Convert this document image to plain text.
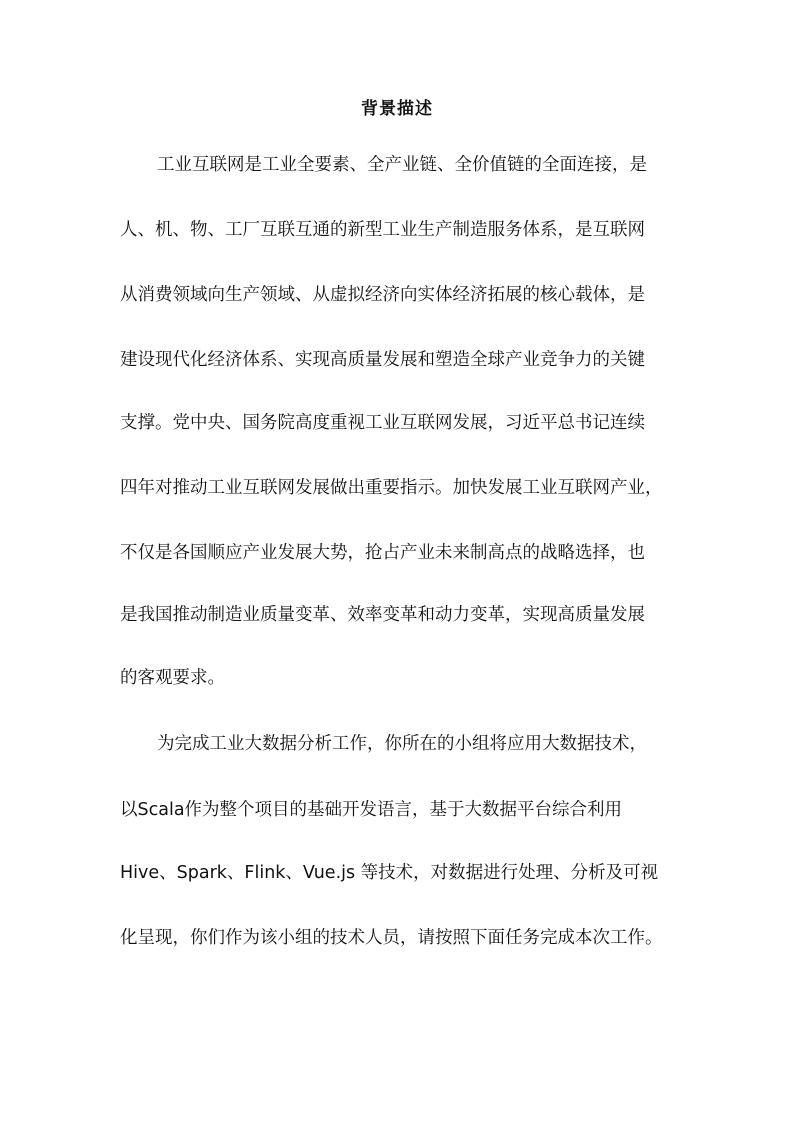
背景描述
工业互联网是工业全要素、全产业链、全价值链的全面连接，是
人、机、物、工厂互联互通的新型工业生产制造服务体系，是互联网
从消费领域向生产领域、从虚拟经济向实体经济拓展的核心载体，是
建设现代化经济体系、实现高质量发展和塑造全球产业竞争力的关键
支撑。党中央、国务院高度重视工业互联网发展，习近平总书记连续
四年对推动工业互联网发展做出重要指示。加快发展工业互联网产业，
不仅是各国顺应产业发展大势，抢占产业未来制高点的战略选择，也
是我国推动制造业质量变革、效率变革和动力变革，实现高质量发展
的客观要求。
为完成工业大数据分析工作，你所在的小组将应用大数据技术，
以Scala作为整个项目的基础开发语言，基于大数据平台综合利用
Hive、Spark、Flink、Vue.js 等技术，对数据进行处理、分析及可视
化呈现，你们作为该小组的技术人员，请按照下面任务完成本次工作。
